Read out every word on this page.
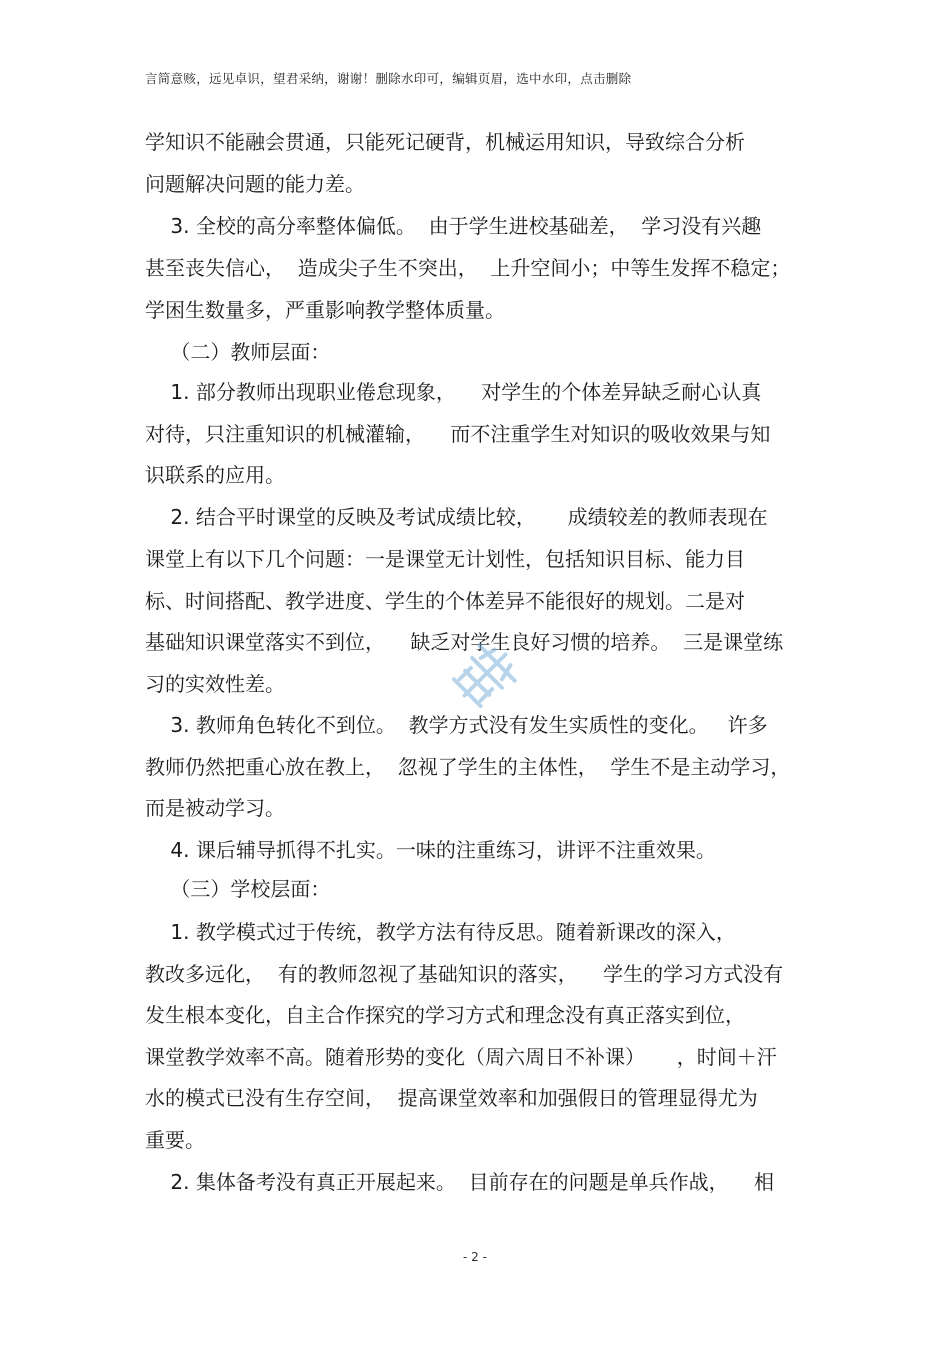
言简意赅，远见卓识，望君采纳，谢谢！删除水印可，编辑页眉，选中水印，点击删除
学知识不能融会贯通，只能死记硬背，机械运用知识，导致综合分析
问题解决问题的能力差。
3. 全校的高分率整体偏低。  由于学生进校基础差，  学习没有兴趣
甚至丧失信心，  造成尖子生不突出，  上升空间小；中等生发挥不稳定；
学困生数量多，严重影响教学整体质量。
（二）教师层面：
1. 部分教师出现职业倦怠现象，    对学生的个体差异缺乏耐心认真
对待，只注重知识的机械灌输，    而不注重学生对知识的吸收效果与知
识联系的应用。
2. 结合平时课堂的反映及考试成绩比较，     成绩较差的教师表现在
课堂上有以下几个问题：一是课堂无计划性，包括知识目标、能力目
标、时间搭配、教学进度、学生的个体差异不能很好的规划。二是对
基础知识课堂落实不到位，    缺乏对学生良好习惯的培养。  三是课堂练
习的实效性差。
3. 教师角色转化不到位。  教学方式没有发生实质性的变化。   许多
教师仍然把重心放在教上，  忽视了学生的主体性，  学生不是主动学习，
而是被动学习。
4. 课后辅导抓得不扎实。一味的注重练习，讲评不注重效果。
（三）学校层面：
1. 教学模式过于传统，教学方法有待反思。随着新课改的深入，
教改多远化，  有的教师忽视了基础知识的落实，    学生的学习方式没有
发生根本变化，自主合作探究的学习方式和理念没有真正落实到位，
课堂教学效率不高。随着形势的变化（周六周日不补课）     ，时间＋汗
水的模式已没有生存空间，  提高课堂效率和加强假日的管理显得尤为
重要。
2. 集体备考没有真正开展起来。  目前存在的问题是单兵作战，    相
- 2 -
